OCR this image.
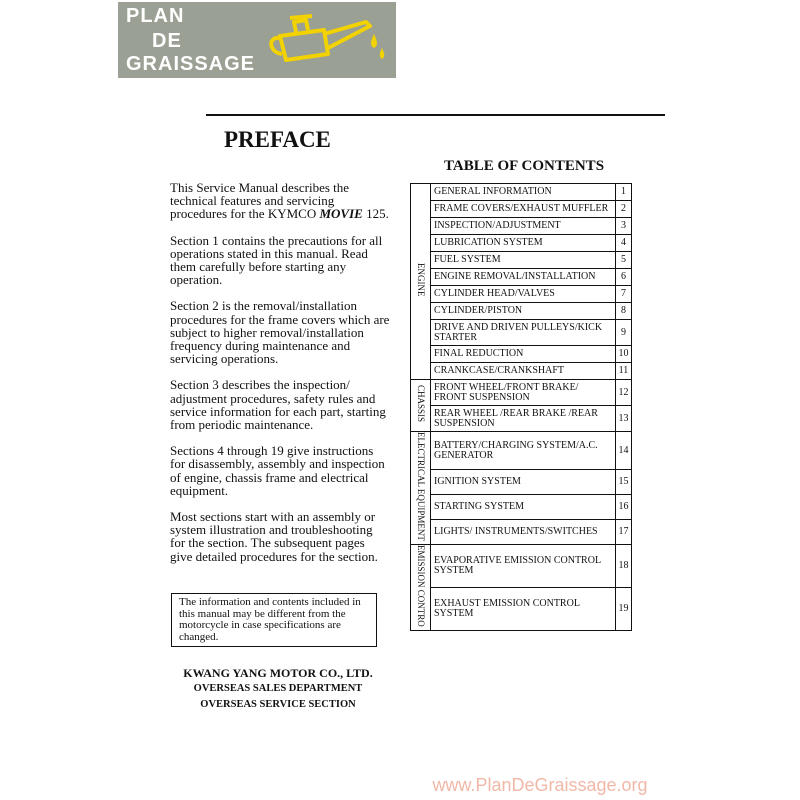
PLAN
DE
GRAISSAGE
PREFACE
TABLE OF CONTENTS

This Service Manual describes the technical features and servicing procedures for the KYMCO MOVIE 125.

Section 1 contains the precautions for all operations stated in this manual. Read them carefully before starting any operation.

Section 2 is the removal/installation procedures for the frame covers which are subject to higher removal/installation frequency during maintenance and servicing operations.

Section 3 describes the inspection/ adjustment procedures, safety rules and service information for each part, starting from periodic maintenance.

Sections 4 through 19 give instructions for disassembly, assembly and inspection of engine, chassis frame and electrical equipment.

Most sections start with an assembly or system illustration and troubleshooting for the section. The subsequent pages give detailed procedures for the section.

The information and contents included in this manual may be different from the motorcycle in case specifications are changed.
KWANG YANG MOTOR CO., LTD.
OVERSEAS SALES DEPARTMENT
OVERSEAS SERVICE SECTION
ENGINE	GENERAL INFORMATION	1
	FRAME COVERS/EXHAUST MUFFLER	2
	INSPECTION/ADJUSTMENT	3
	LUBRICATION SYSTEM	4
	FUEL SYSTEM	5
	ENGINE REMOVAL/INSTALLATION	6
	CYLINDER HEAD/VALVES	7
	CYLINDER/PISTON	8
	DRIVE AND DRIVEN PULLEYS/KICK STARTER	9
	FINAL REDUCTION	10
	CRANKCASE/CRANKSHAFT	11
CHASSIS	FRONT WHEEL/FRONT BRAKE/ FRONT SUSPENSION	12
	REAR WHEEL /REAR BRAKE /REAR SUSPENSION	13
ELECTRICAL EQUIPMENT	BATTERY/CHARGING SYSTEM/A.C. GENERATOR	14
	IGNITION SYSTEM	15
	STARTING SYSTEM	16
	LIGHTS/ INSTRUMENTS/SWITCHES	17
EMISSION CONTRO	EVAPORATIVE EMISSION CONTROL SYSTEM	18
	EXHAUST EMISSION CONTROL SYSTEM	19
www.PlanDeGraissage.org
